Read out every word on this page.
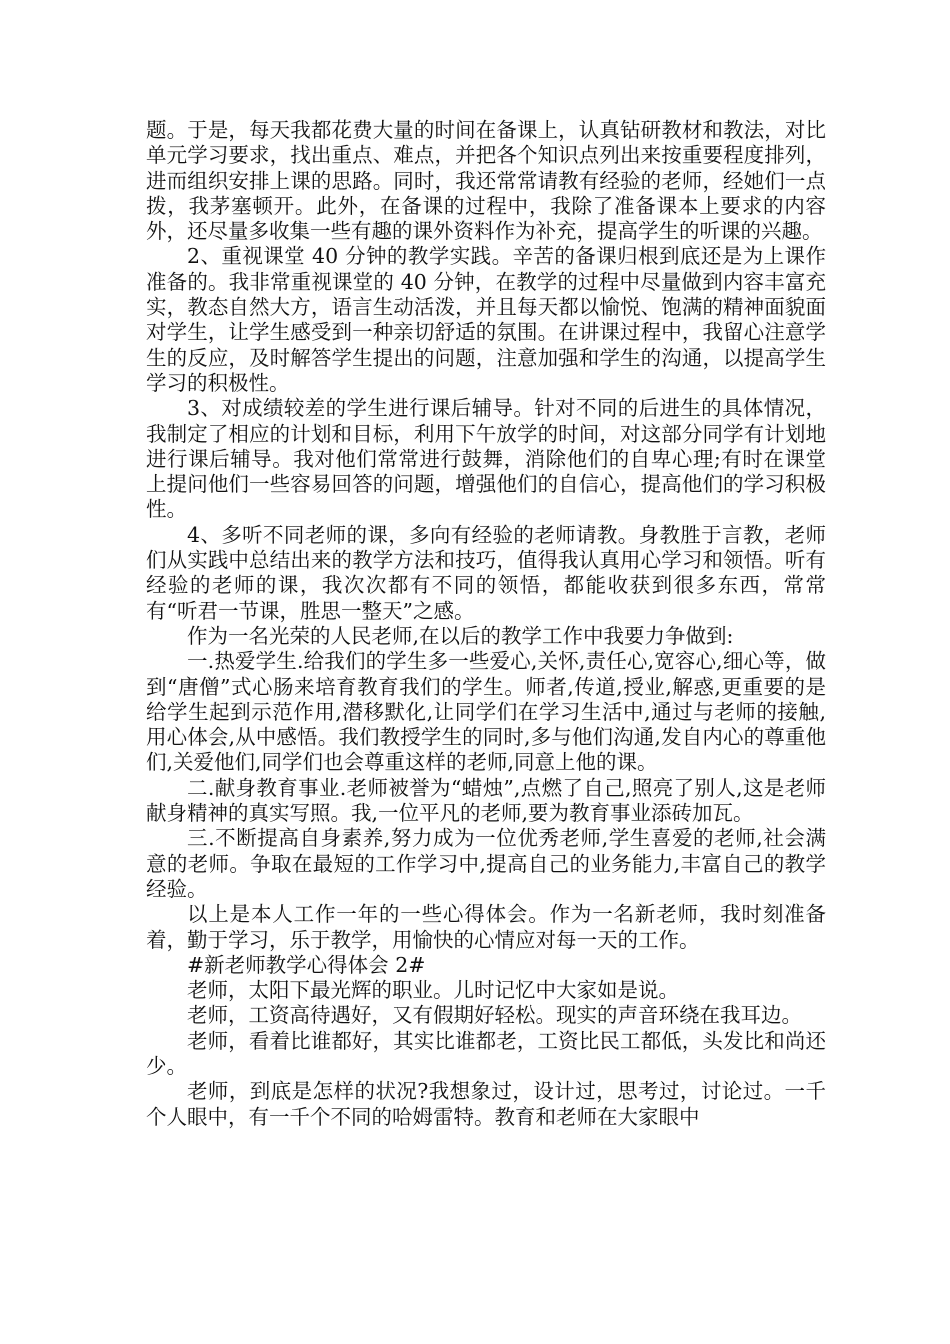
题。于是，每天我都花费大量的时间在备课上，认真钻研教材和教法，对比单元学习要求，找出重点、难点，并把各个知识点列出来按重要程度排列，进而组织安排上课的思路。同时，我还常常请教有经验的老师，经她们一点拨，我茅塞顿开。此外，在备课的过程中，我除了准备课本上要求的内容外，还尽量多收集一些有趣的课外资料作为补充，提高学生的听课的兴趣。

2、重视课堂 40 分钟的教学实践。辛苦的备课归根到底还是为上课作准备的。我非常重视课堂的 40 分钟，在教学的过程中尽量做到内容丰富充实，教态自然大方，语言生动活泼，并且每天都以愉悦、饱满的精神面貌面对学生，让学生感受到一种亲切舒适的氛围。在讲课过程中，我留心注意学生的反应，及时解答学生提出的问题，注意加强和学生的沟通，以提高学生学习的积极性。

3、对成绩较差的学生进行课后辅导。针对不同的后进生的具体情况，我制定了相应的计划和目标，利用下午放学的时间，对这部分同学有计划地进行课后辅导。我对他们常常进行鼓舞，消除他们的自卑心理;有时在课堂上提问他们一些容易回答的问题，增强他们的自信心，提高他们的学习积极性。

4、多听不同老师的课，多向有经验的老师请教。身教胜于言教，老师们从实践中总结出来的教学方法和技巧，值得我认真用心学习和领悟。听有经验的老师的课，我次次都有不同的领悟，都能收获到很多东西，常常有“听君一节课，胜思一整天”之感。

作为一名光荣的人民老师,在以后的教学工作中我要力争做到:

一.热爱学生.给我们的学生多一些爱心,关怀,责任心,宽容心,细心等，做到“唐僧”式心肠来培育教育我们的学生。师者,传道,授业,解惑,更重要的是给学生起到示范作用,潜移默化,让同学们在学习生活中,通过与老师的接触,用心体会,从中感悟。我们教授学生的同时,多与他们沟通,发自内心的尊重他们,关爱他们,同学们也会尊重这样的老师,同意上他的课。

二.献身教育事业.老师被誉为“蜡烛”,点燃了自己,照亮了别人,这是老师献身精神的真实写照。我,一位平凡的老师,要为教育事业添砖加瓦。

三.不断提高自身素养,努力成为一位优秀老师,学生喜爱的老师,社会满意的老师。争取在最短的工作学习中,提高自己的业务能力,丰富自己的教学经验。

以上是本人工作一年的一些心得体会。作为一名新老师，我时刻准备着，勤于学习，乐于教学，用愉快的心情应对每一天的工作。

#新老师教学心得体会 2#

老师，太阳下最光辉的职业。儿时记忆中大家如是说。

老师，工资高待遇好，又有假期好轻松。现实的声音环绕在我耳边。

老师，看着比谁都好，其实比谁都老，工资比民工都低，头发比和尚还少。

老师，到底是怎样的状况?我想象过，设计过，思考过，讨论过。一千个人眼中，有一千个不同的哈姆雷特。教育和老师在大家眼中
